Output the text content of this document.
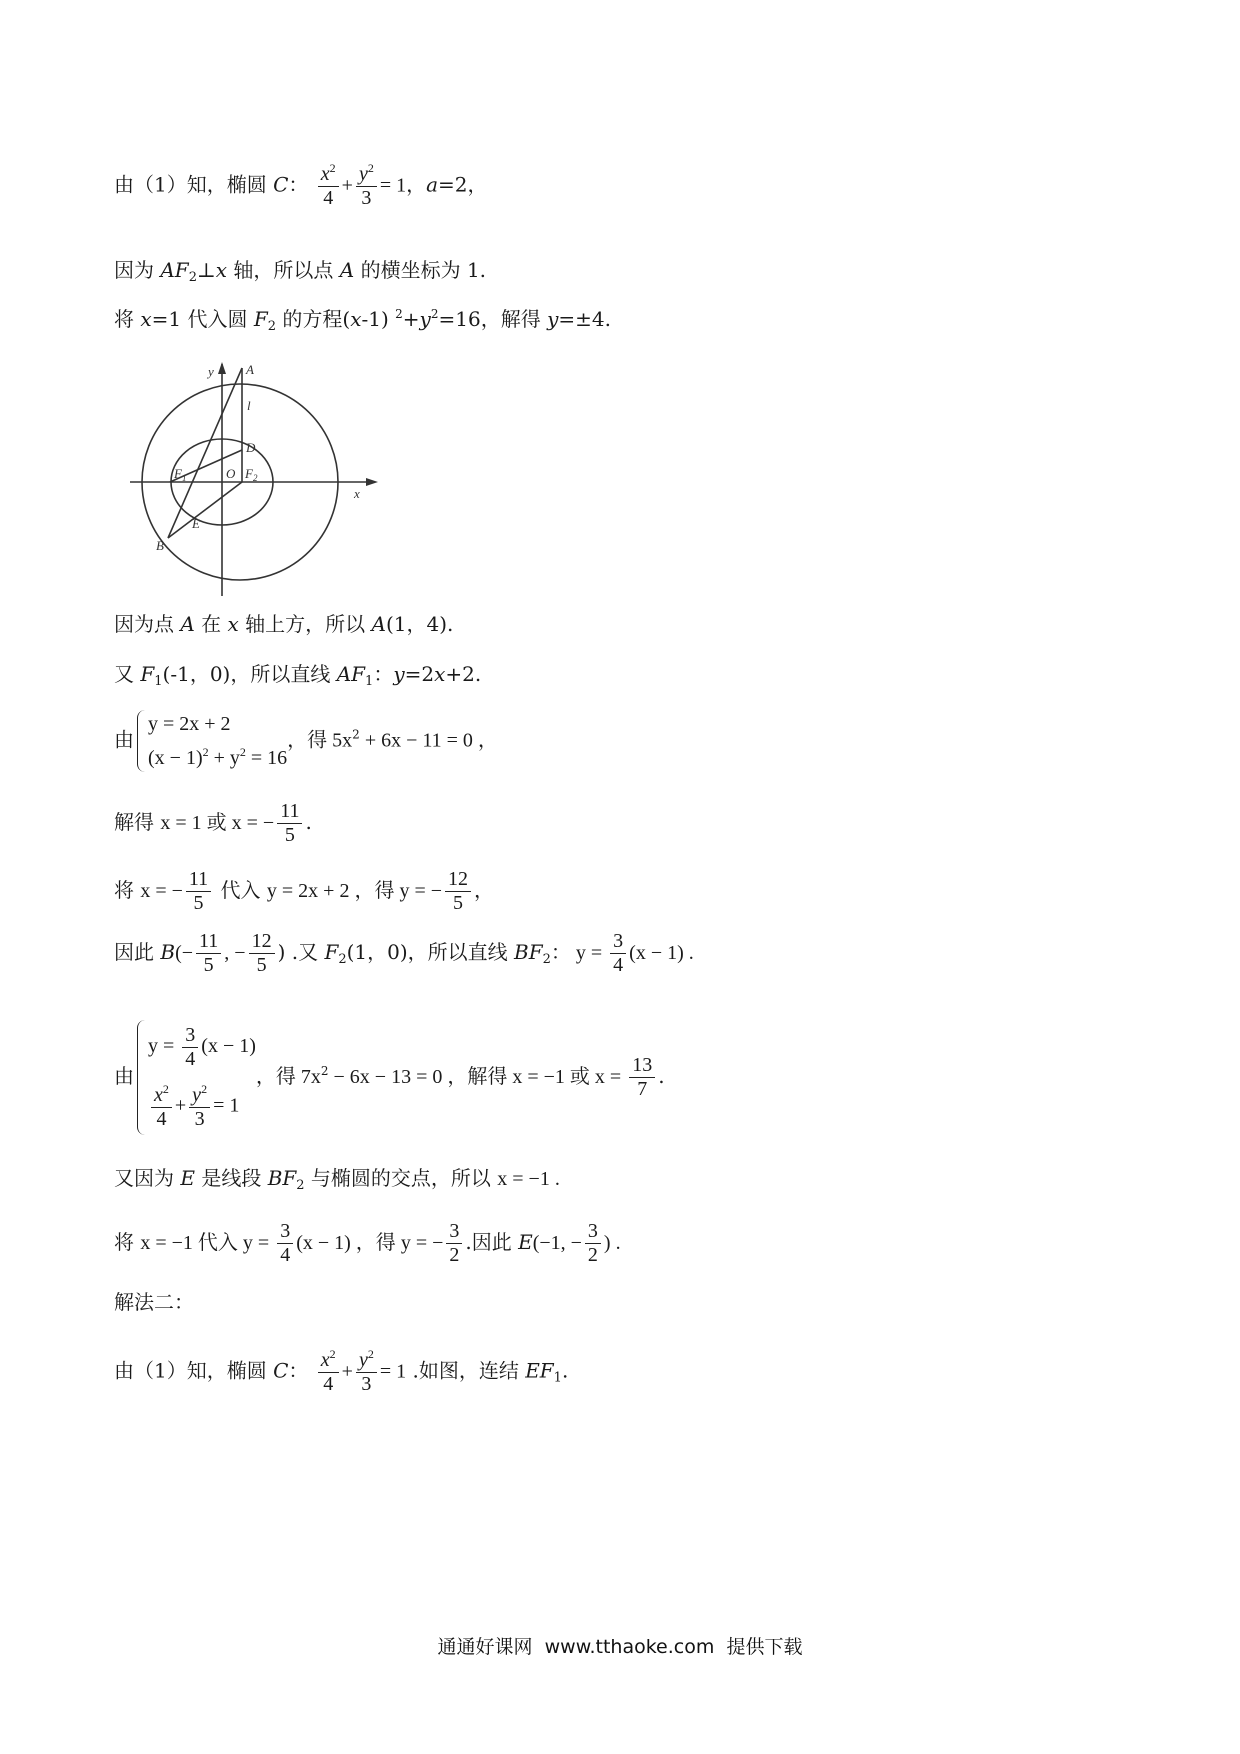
由（1）知，椭圆 C： $\frac{x^2}{4} + \frac{y^2}{3} = 1$，a=2，
因为 $AF_2\perp x$ 轴，所以点 A 的横坐标为 1.
将 x=1 代入圆 $F_2$ 的方程(x-1) $^2+y^2=16$，解得 y=±4.
y A
l
D
F 1	O F 2
x
E
B
因为点 A 在 x 轴上方，所以 A(1，4).
又 $F_1(-1$，0)，所以直线 $AF_1$：y=2x+2.
由
y = 2x + 2
$(x - 1)^2 + y^2 = 16$
，得 $5x^2 + 6x - 11 = 0$ ，
解得 x = 1 或 x = − $\frac{11}{5}$ .
将 x = − $\frac{11}{5}$ 代入 y = 2x + 2 ，得 y = − $\frac{12}{5}$ ，
因此 $B(- \frac{11}{5}$ , − $\frac{12}{5}$ ) .又 $F_2(1$，0)，所以直线 $BF_2$： $y = \frac{3}{4} (x - 1)$ .
由
$y = \frac{3}{4} (x - 1)$
$\frac{x^2}{4} + \frac{y^2}{3} = 1$
，得 $7x^2 - 6x - 13 = 0$ ，解得 x = −1 或 $x = \frac{13}{7}$ .
又因为 E 是线段 $BF_2$ 与椭圆的交点，所以 x = −1 .
将 x = −1 代入 $y = \frac{3}{4} (x - 1)$ ，得 y = − $\frac{3}{2}$ .因此 E(−1, − $\frac{3}{2}$ ) .
解法二：
由（1）知，椭圆 C： $\frac{x^2}{4} + \frac{y^2}{3} = 1$ .如图，连结 $EF_1$.
通通好课网 www.tthaoke.com 提供下载
